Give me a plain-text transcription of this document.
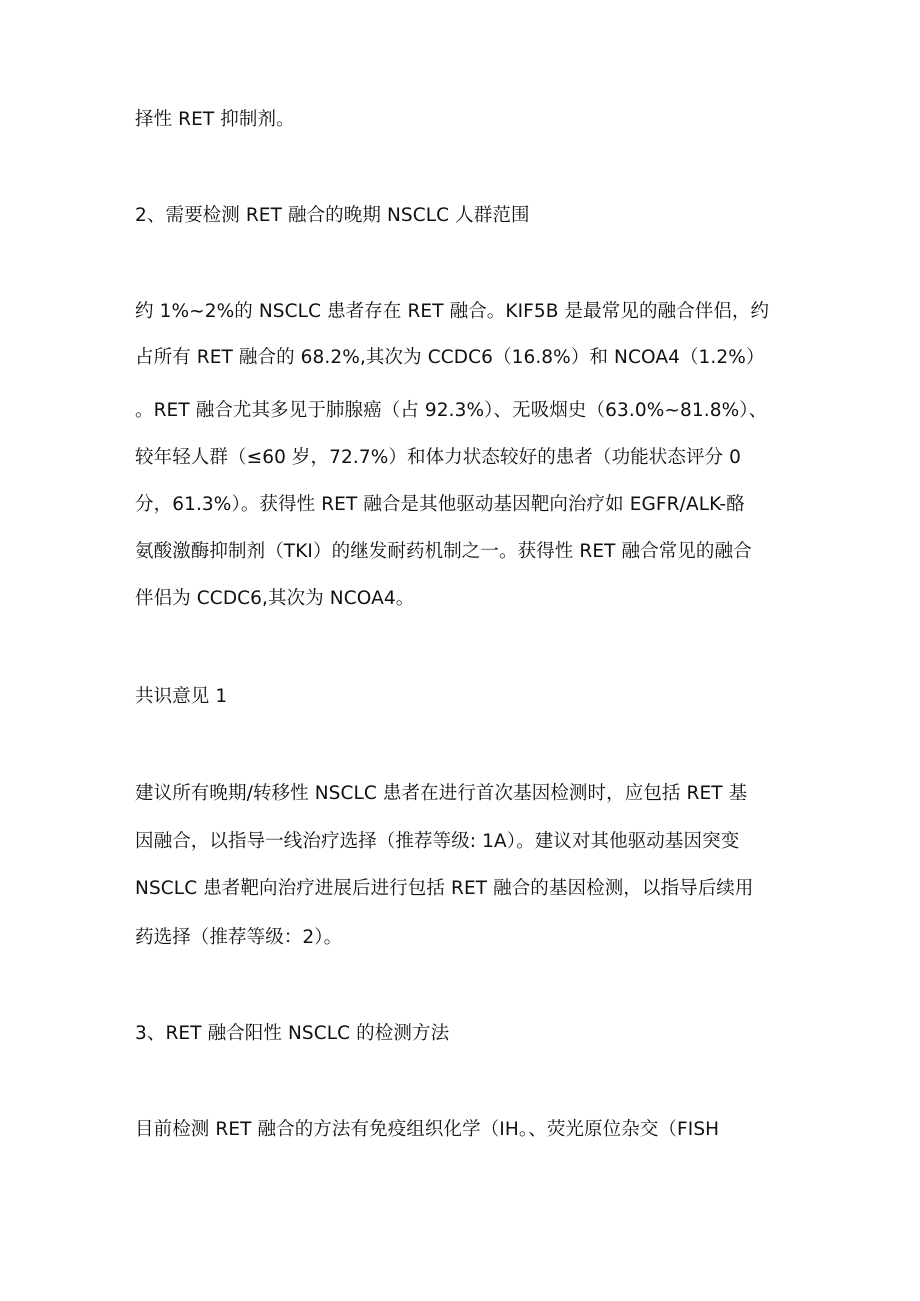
择性 RET 抑制剂。
2、需要检测 RET 融合的晚期 NSCLC 人群范围
约 1%~2%的 NSCLC 患者存在 RET 融合。KIF5B 是最常见的融合伴侣，约
占所有 RET 融合的 68.2%,其次为 CCDC6（16.8%）和 NCOA4（1.2%）
。RET 融合尤其多见于肺腺癌（占 92.3%）、无吸烟史（63.0%~81.8%）、
较年轻人群（≤60 岁，72.7%）和体力状态较好的患者（功能状态评分 0
分，61.3%）。获得性 RET 融合是其他驱动基因靶向治疗如 EGFR/ALK-酪
氨酸激酶抑制剂（TKI）的继发耐药机制之一。获得性 RET 融合常见的融合
伴侣为 CCDC6,其次为 NCOA4。
共识意见 1
建议所有晚期/转移性 NSCLC 患者在进行首次基因检测时，应包括 RET 基
因融合，以指导一线治疗选择（推荐等级: 1A）。建议对其他驱动基因突变
NSCLC 患者靶向治疗进展后进行包括 RET 融合的基因检测，以指导后续用
药选择（推荐等级：2）。
3、RET 融合阳性 NSCLC 的检测方法
目前检测 RET 融合的方法有免疫组织化学（IH。、荧光原位杂交（FISH
